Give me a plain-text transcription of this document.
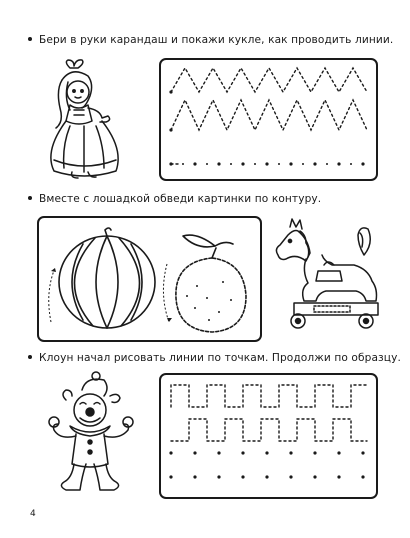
Бери в руки карандаш и покажи кукле, как проводить линии.
Вместе с лошадкой обведи картинки по контуру.
Клоун начал рисовать линии по точкам. Продолжи по образцу.
4
